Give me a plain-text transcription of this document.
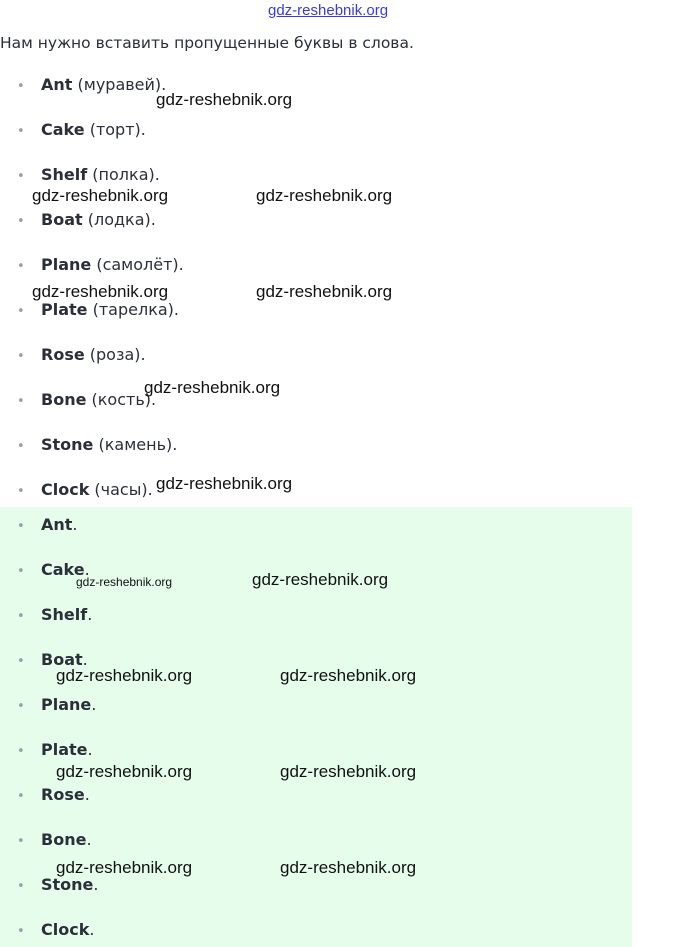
gdz-reshebnik.org
Нам нужно вставить пропущенные буквы в слова.
• Ant (муравей).
• Cake (торт).
• Shelf (полка).
• Boat (лодка).
• Plane (самолёт).
• Plate (тарелка).
• Rose (роза).
• Bone (кость).
• Stone (камень).
• Clock (часы).
• Ant.
• Cake.
• Shelf.
• Boat.
• Plane.
• Plate.
• Rose.
• Bone.
• Stone.
• Clock.
gdz-reshebnik.org
gdz-reshebnik.org	gdz-reshebnik.org
gdz-reshebnik.org	gdz-reshebnik.org
gdz-reshebnik.org
gdz-reshebnik.org
gdz-reshebnik.org	gdz-reshebnik.org
gdz-reshebnik.org	gdz-reshebnik.org
gdz-reshebnik.org	gdz-reshebnik.org
gdz-reshebnik.org	gdz-reshebnik.org
